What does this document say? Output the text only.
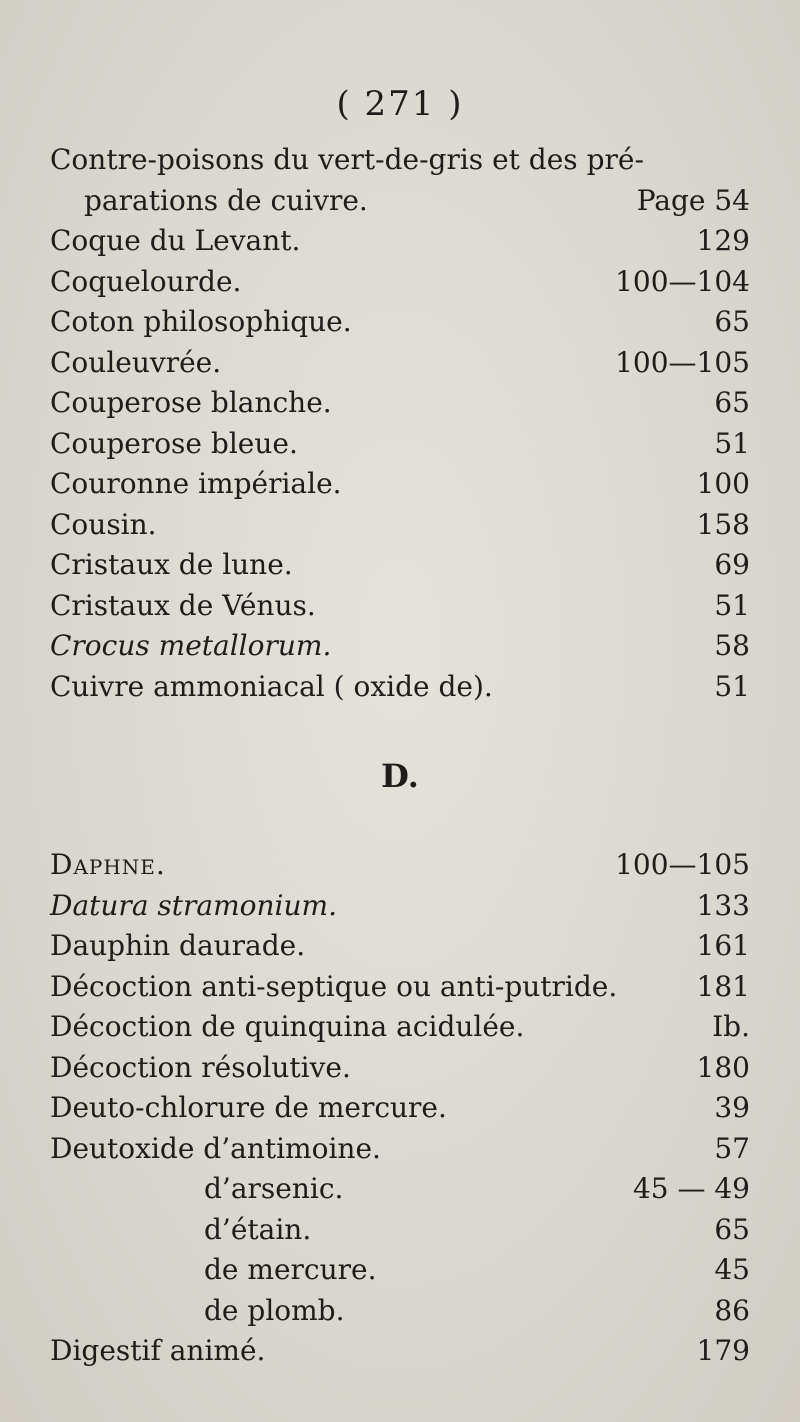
( 271 )
Contre-poisons du vert-de-gris et des pré-
parations de cuivre.	Page 54
Coque du Levant.	129
Coquelourde.	100—104
Coton philosophique.	65
Couleuvrée.	100—105
Couperose blanche.	65
Couperose bleue.	51
Couronne impériale.	100
Cousin.	158
Cristaux de lune.	69
Cristaux de Vénus.	51
Crocus metallorum.	58
Cuivre ammoniacal ( oxide de).	51
D.
Daphne.	100—105
Datura stramonium.	133
Dauphin daurade.	161
Décoction anti-septique ou anti-putride.	181
Décoction de quinquina acidulée.	Ib.
Décoction résolutive.	180
Deuto-chlorure de mercure.	39
Deutoxide d’antimoine.	57
d’arsenic.	45 — 49
d’étain.	65
de mercure.	45
de plomb.	86
Digestif animé.	179
